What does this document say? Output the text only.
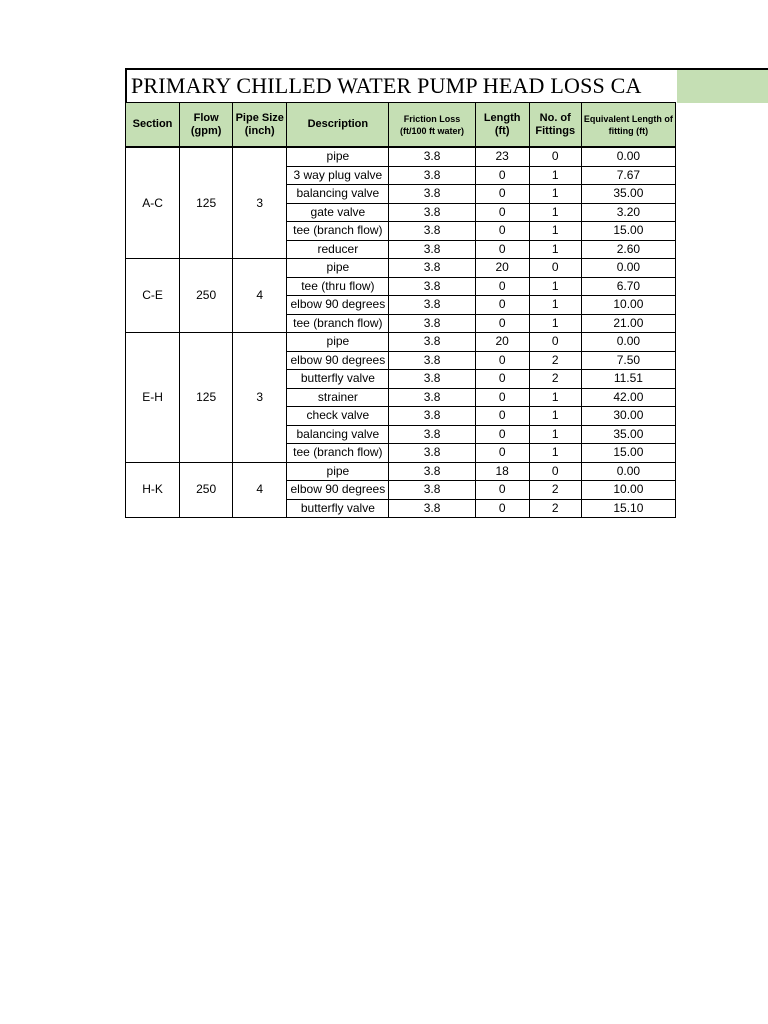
PRIMARY CHILLED WATER PUMP HEAD LOSS CA
Section	Flow (gpm)	Pipe Size (inch)	Description	Friction Loss (ft/100 ft water)	Length (ft)	No. of Fittings	Equivalent Length of fitting (ft)
A-C	125	3	pipe	3.8	23	0	0.00
			3 way plug valve	3.8	0	1	7.67
			balancing valve	3.8	0	1	35.00
			gate valve	3.8	0	1	3.20
			tee (branch flow)	3.8	0	1	15.00
			reducer	3.8	0	1	2.60
C-E	250	4	pipe	3.8	20	0	0.00
			tee (thru flow)	3.8	0	1	6.70
			elbow 90 degrees	3.8	0	1	10.00
			tee (branch flow)	3.8	0	1	21.00
E-H	125	3	pipe	3.8	20	0	0.00
			elbow 90 degrees	3.8	0	2	7.50
			butterfly valve	3.8	0	2	11.51
			strainer	3.8	0	1	42.00
			check valve	3.8	0	1	30.00
			balancing valve	3.8	0	1	35.00
			tee (branch flow)	3.8	0	1	15.00
H-K	250	4	pipe	3.8	18	0	0.00
			elbow 90 degrees	3.8	0	2	10.00
			butterfly valve	3.8	0	2	15.10
